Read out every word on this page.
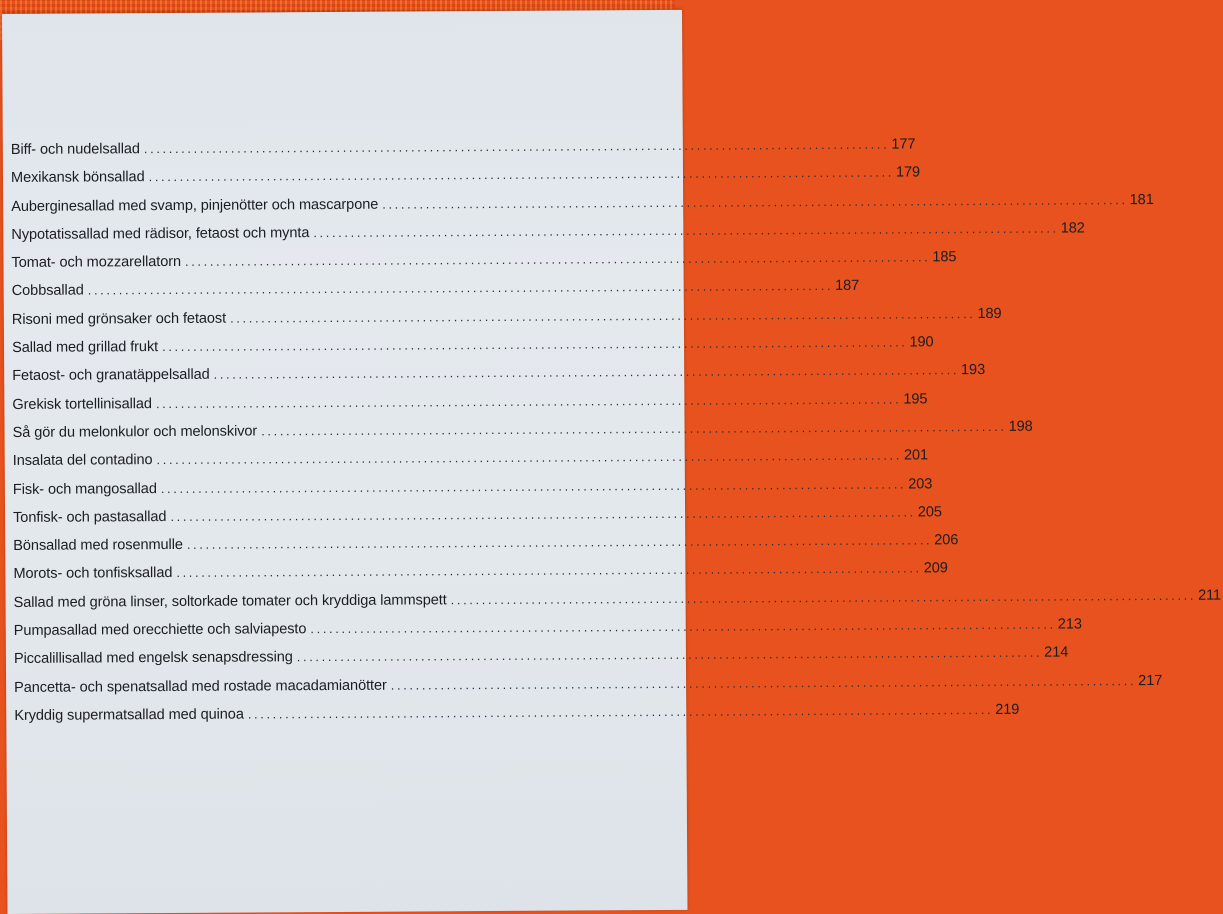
Biff- och nudelsallad ........................................................................................................................ 177
Mexikansk bönsallad ........................................................................................................................ 179
Auberginesallad med svamp, pinjenötter och mascarpone ........................................................................................................................ 181
Nypotatissallad med rädisor, fetaost och mynta ........................................................................................................................ 182
Tomat- och mozzarellatorn ........................................................................................................................ 185
Cobbsallad ........................................................................................................................ 187
Risoni med grönsaker och fetaost ........................................................................................................................ 189
Sallad med grillad frukt ........................................................................................................................ 190
Fetaost- och granatäppelsallad ........................................................................................................................ 193
Grekisk tortellinisallad ........................................................................................................................ 195
Så gör du melonkulor och melonskivor ........................................................................................................................ 198
Insalata del contadino ........................................................................................................................ 201
Fisk- och mangosallad ........................................................................................................................ 203
Tonfisk- och pastasallad ........................................................................................................................ 205
Bönsallad med rosenmulle ........................................................................................................................ 206
Morots- och tonfisksallad ........................................................................................................................ 209
Sallad med gröna linser, soltorkade tomater och kryddiga lammspett ........................................................................................................................ 211
Pumpasallad med orecchiette och salviapesto ........................................................................................................................ 213
Piccalillisallad med engelsk senapsdressing ........................................................................................................................ 214
Pancetta- och spenatsallad med rostade macadamianötter ........................................................................................................................ 217
Kryddig supermatsallad med quinoa ........................................................................................................................ 219
